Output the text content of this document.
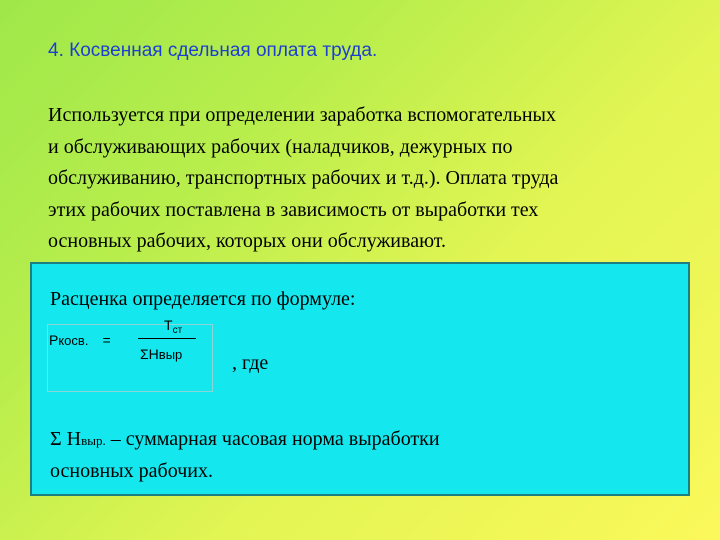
4. Косвенная сдельная оплата труда.
Используется при определении заработка вспомогательных
и обслуживающих рабочих (наладчиков, дежурных по
обслуживанию, транспортных рабочих и т.д.). Оплата труда
этих рабочих поставлена в зависимость от выработки тех
основных рабочих, которых они обслуживают.
Расценка определяется по формуле:
Pкосв. =
$Т_{ст}$
ΣНвыр , где
Σ Нвыр. – суммарная часовая норма выработки
основных рабочих.
